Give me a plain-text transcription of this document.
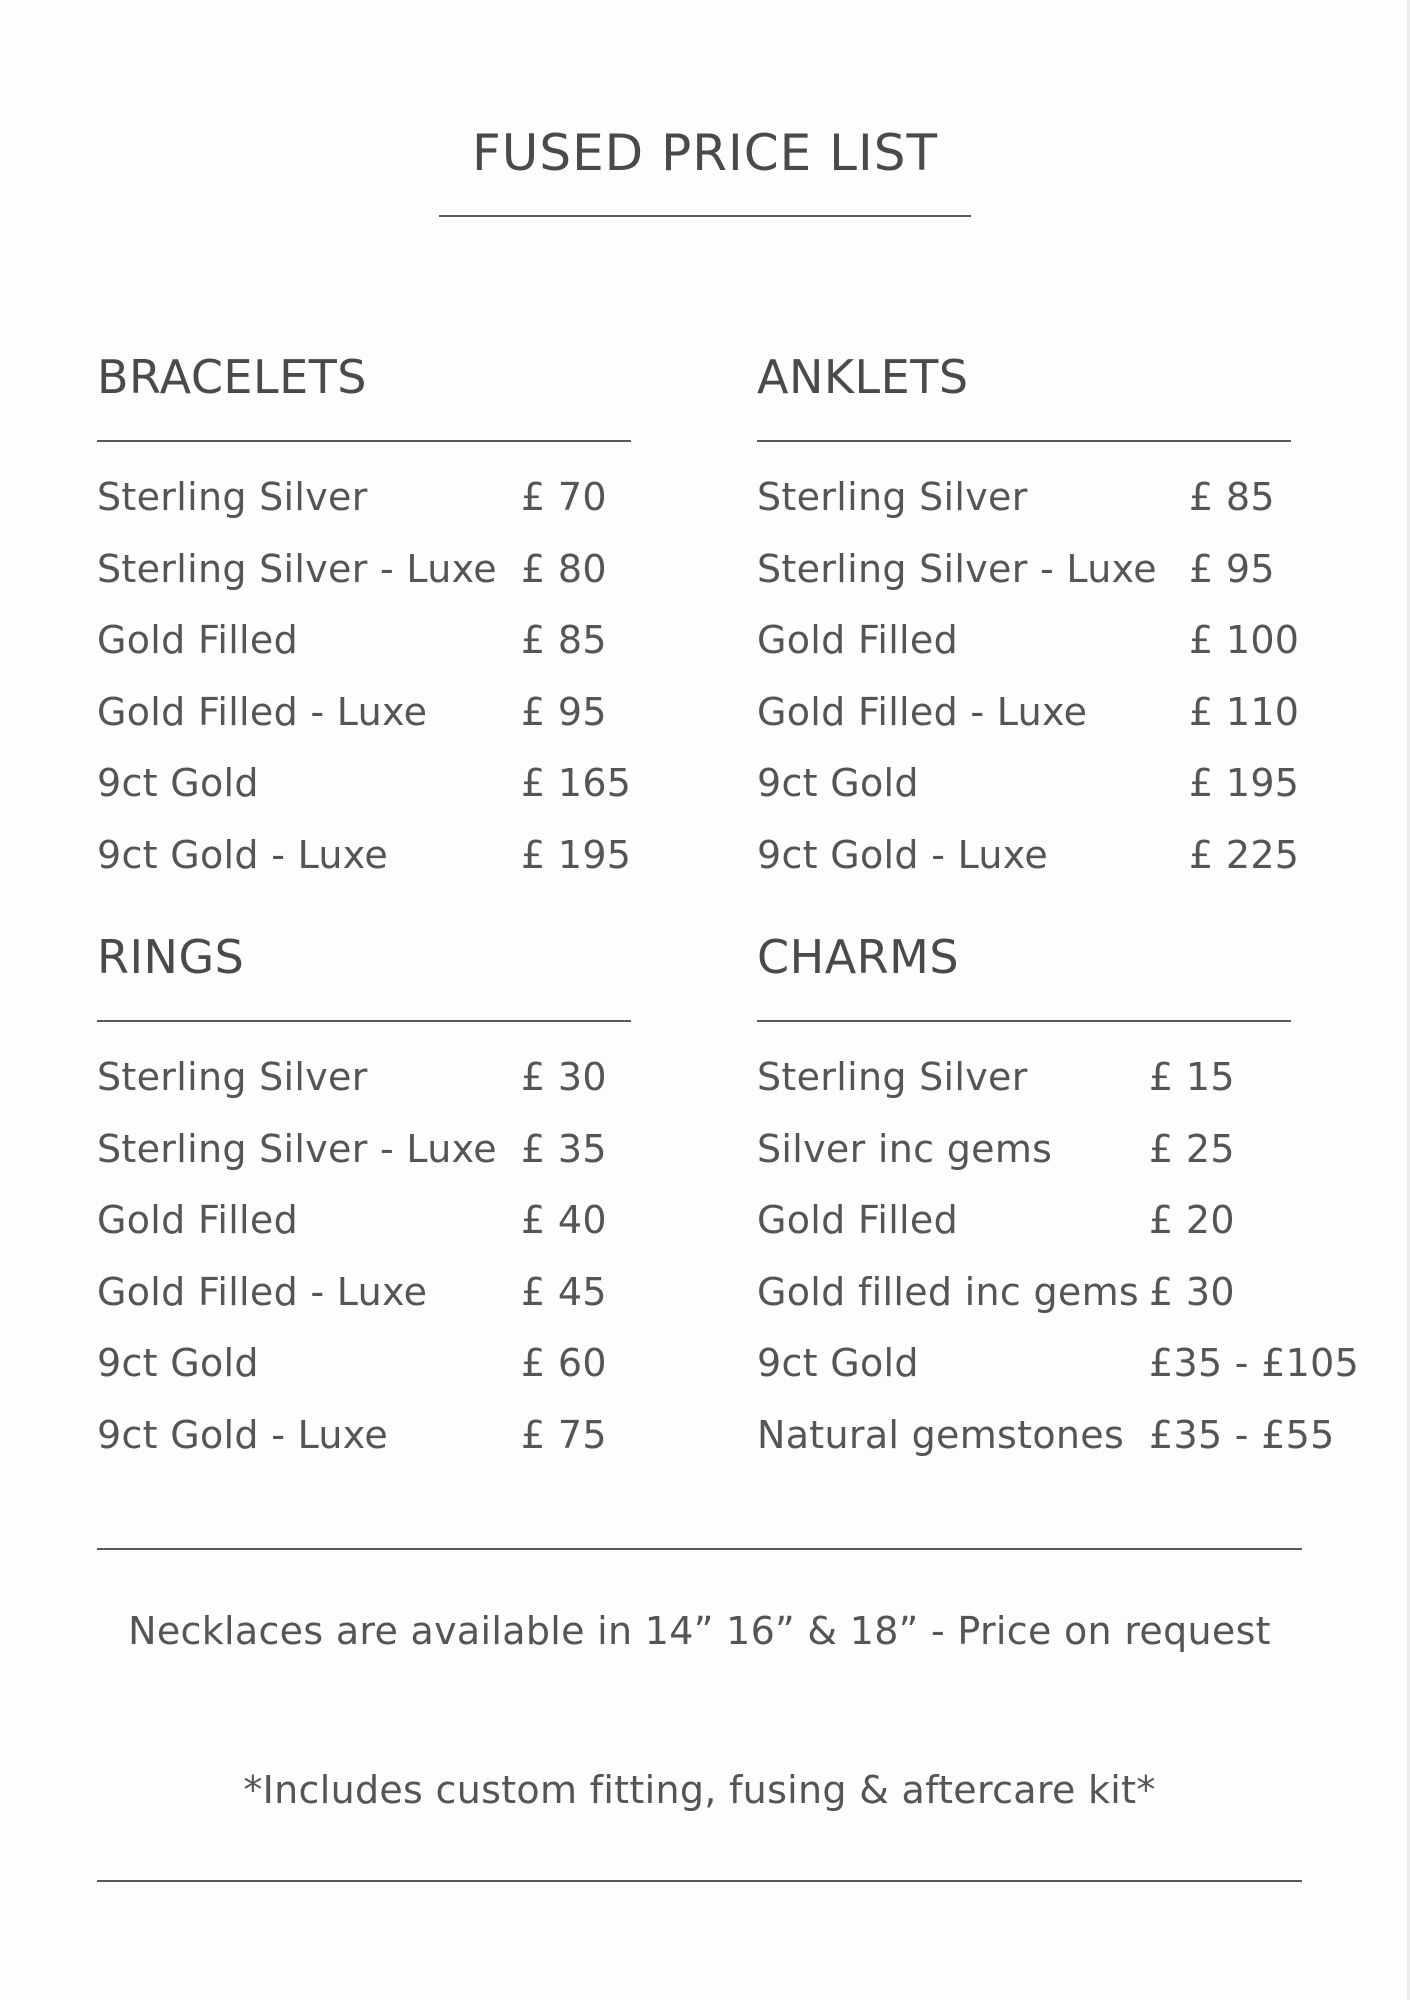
FUSED PRICE LIST
BRACELETS
Sterling Silver	£ 70
Sterling Silver - Luxe £ 80
Gold Filled	£ 85
Gold Filled - Luxe £ 95
9ct Gold	£ 165
9ct Gold - Luxe	£ 195
ANKLETS
Sterling Silver	£ 85
Sterling Silver - Luxe £ 95
Gold Filled	£ 100
Gold Filled - Luxe	£ 110
9ct Gold	£ 195
9ct Gold - Luxe	£ 225
RINGS
Sterling Silver	£ 30
Sterling Silver - Luxe £ 35
Gold Filled	£ 40
Gold Filled - Luxe £ 45
9ct Gold	£ 60
9ct Gold - Luxe	£ 75
CHARMS
Sterling Silver	£ 15
Silver inc gems	£ 25
Gold Filled	£ 20
Gold filled inc gems £ 30
9ct Gold	£35 - £105
Natural gemstones £35 - £55
Necklaces are available in 14” 16” & 18” - Price on request
*Includes custom fitting, fusing & aftercare kit*
